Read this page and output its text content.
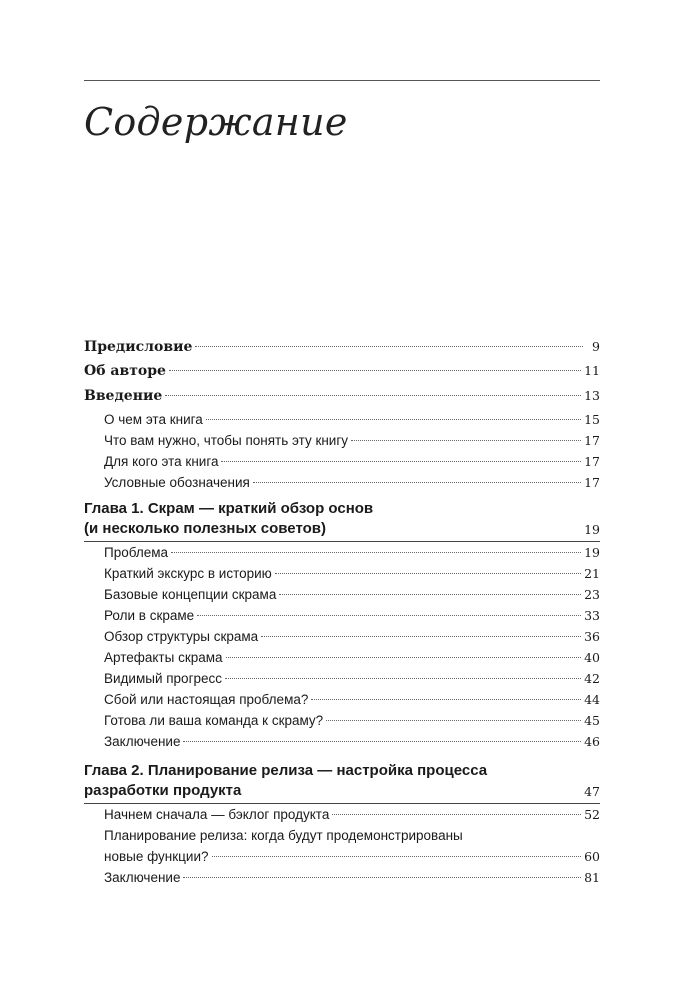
Содержание
Предисловие	9
Об авторе	11
Введение	13
О чем эта книга	15
Что вам нужно, чтобы понять эту книгу	17
Для кого эта книга	17
Условные обозначения	17
Глава 1. Скрам — краткий обзор основ
(и несколько полезных советов)	19
Проблема	19
Краткий экскурс в историю	21
Базовые концепции скрама	23
Роли в скраме	33
Обзор структуры скрама	36
Артефакты скрама	40
Видимый прогресс	42
Сбой или настоящая проблема?	44
Готова ли ваша команда к скраму?	45
Заключение	46
Глава 2. Планирование релиза — настройка процесса
разработки продукта	47
Начнем сначала — бэклог продукта	52
Планирование релиза: когда будут продемонстрированы
новые функции?	60
Заключение	81
